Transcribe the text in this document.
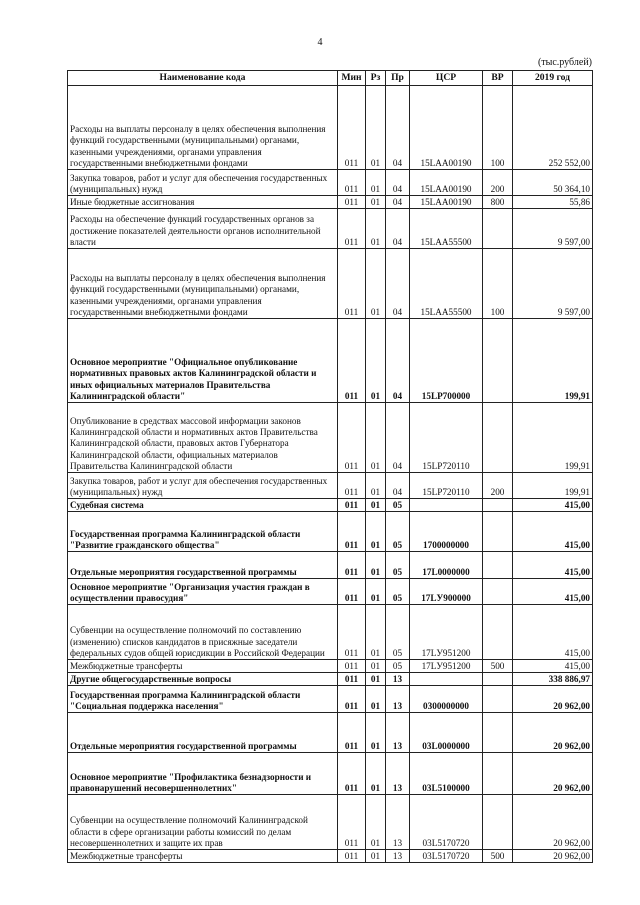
4
(тыс.рублей)
Наименование кода	Мин	Рз	Пр	ЦСР	ВР	2019 год
Расходы на выплаты персоналу в целях обеспечения выполнения функций государственными (муниципальными) органами, казенными учреждениями, органами управления государственными внебюджетными фондами	011	01	04	15LAA00190	100	252 552,00
Закупка товаров, работ и услуг для обеспечения государственных (муниципальных) нужд	011	01	04	15LAA00190	200	50 364,10
Иные бюджетные ассигнования	011	01	04	15LAA00190	800	55,86
Расходы на обеспечение функций государственных органов за достижение показателей деятельности органов исполнительной власти	011	01	04	15LAA55500		9 597,00
Расходы на выплаты персоналу в целях обеспечения выполнения функций государственными (муниципальными) органами, казенными учреждениями, органами управления государственными внебюджетными фондами	011	01	04	15LAA55500	100	9 597,00
Основное мероприятие "Официальное опубликование нормативных правовых актов Калининградской области и иных официальных материалов Правительства Калининградской области"	011	01	04	15LP700000		199,91
Опубликование в средствах массовой информации законов Калининградской области и нормативных актов Правительства Калининградской области, правовых актов Губернатора Калининградской области, официальных материалов Правительства Калининградской области	011	01	04	15LP720110		199,91
Закупка товаров, работ и услуг для обеспечения государственных (муниципальных) нужд	011	01	04	15LP720110	200	199,91
Судебная система	011	01	05			415,00
Государственная программа Калининградской области "Развитие гражданского общества"	011	01	05	1700000000		415,00
Отдельные мероприятия государственной программы	011	01	05	17L0000000		415,00
Основное мероприятие "Организация участия граждан в осуществлении правосудия"	011	01	05	17LУ900000		415,00
Субвенции на осуществление полномочий по составлению (изменению) списков кандидатов в присяжные заседатели федеральных судов общей юрисдикции в Российской Федерации	011	01	05	17LУ951200		415,00
Межбюджетные трансферты	011	01	05	17LУ951200	500	415,00
Другие общегосударственные вопросы	011	01	13			338 886,97
Государственная программа Калининградской области "Социальная поддержка населения"	011	01	13	0300000000		20 962,00
Отдельные мероприятия государственной программы	011	01	13	03L0000000		20 962,00
Основное мероприятие "Профилактика безнадзорности и правонарушений несовершеннолетних"	011	01	13	03L5100000		20 962,00
Субвенции на осуществление полномочий Калининградской области в сфере организации работы комиссий по делам несовершеннолетних и защите их прав	011	01	13	03L5170720		20 962,00
Межбюджетные трансферты	011	01	13	03L5170720	500	20 962,00
